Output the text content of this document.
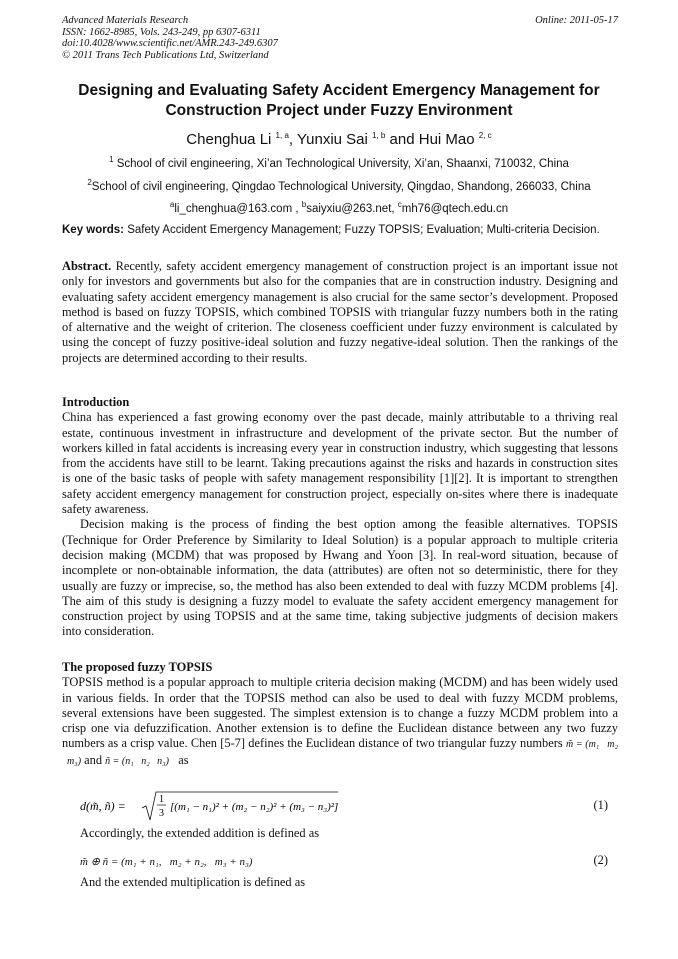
Advanced Materials Research
ISSN: 1662-8985, Vols. 243-249, pp 6307-6311
doi:10.4028/www.scientific.net/AMR.243-249.6307
© 2011 Trans Tech Publications Ltd, Switzerland
Online: 2011-05-17
Designing and Evaluating Safety Accident Emergency Management for Construction Project under Fuzzy Environment
Chenghua Li $^{1, a}$, Yunxiu Sai $^{1, b}$ and Hui Mao $^{2, c}$
$^1$ School of civil engineering, Xi’an Technological University, Xi’an, Shaanxi, 710032, China
$^2$School of civil engineering, Qingdao Technological University, Qingdao, Shandong, 266033, China
$^a$li_chenghua@163.com , $^b$saiyxiu@263.net, $^c$mh76@qtech.edu.cn
Key words: Safety Accident Emergency Management; Fuzzy TOPSIS; Evaluation; Multi-criteria Decision.

Abstract. Recently, safety accident emergency management of construction project is an important issue not only for investors and governments but also for the companies that are in construction industry. Designing and evaluating safety accident emergency management is also crucial for the same sector’s development. Proposed method is based on fuzzy TOPSIS, which combined TOPSIS with triangular fuzzy numbers both in the rating of alternative and the weight of criterion. The closeness coefficient under fuzzy environment is calculated by using the concept of fuzzy positive-ideal solution and fuzzy negative-ideal solution. Then the rankings of the projects are determined according to their results.

Introduction

China has experienced a fast growing economy over the past decade, mainly attributable to a thriving real estate, continuous investment in infrastructure and development of the private sector. But the number of workers killed in fatal accidents is increasing every year in construction industry, which suggesting that lessons from the accidents have still to be learnt. Taking precautions against the risks and hazards in construction sites is one of the basic tasks of people with safety management responsibility [1][2]. It is important to strengthen safety accident emergency management for construction project, especially on-sites where there is inadequate safety awareness.

Decision making is the process of finding the best option among the feasible alternatives. TOPSIS (Technique for Order Preference by Similarity to Ideal Solution) is a popular approach to multiple criteria decision making (MCDM) that was proposed by Hwang and Yoon [3]. In real-word situation, because of incomplete or non-obtainable information, the data (attributes) are often not so deterministic, there for they usually are fuzzy or imprecise, so, the method has also been extended to deal with fuzzy MCDM problems [4]. The aim of this study is designing a fuzzy model to evaluate the safety accident emergency management for construction project by using TOPSIS and at the same time, taking subjective judgments of decision makers into consideration.

The proposed fuzzy TOPSIS

TOPSIS method is a popular approach to multiple criteria decision making (MCDM) and has been widely used in various fields. In order that the TOPSIS method can also be used to deal with fuzzy MCDM problems, several extensions have been suggested. The simplest extension is to change a fuzzy MCDM problem into a crisp one via defuzzification. Another extension is to define the Euclidean distance between any two fuzzy numbers as a crisp value. Chen [5-7] defines the Euclidean distance of two triangular fuzzy numbers m̃ = (m₁   m₂   m₃) and ñ = (n₁   n₂   n₃) as

d(m̃, ñ) =	1
3
[(m₁ − n₁)² + (m₂ − n₂)² + (m₃ − n₃)²]	(1)

Accordingly, the extended addition is defined as

m̃ ⊕ ñ = (m₁ + n₁,   m₂ + n₂,   m₃ + n₃)	(2)

And the extended multiplication is defined as
